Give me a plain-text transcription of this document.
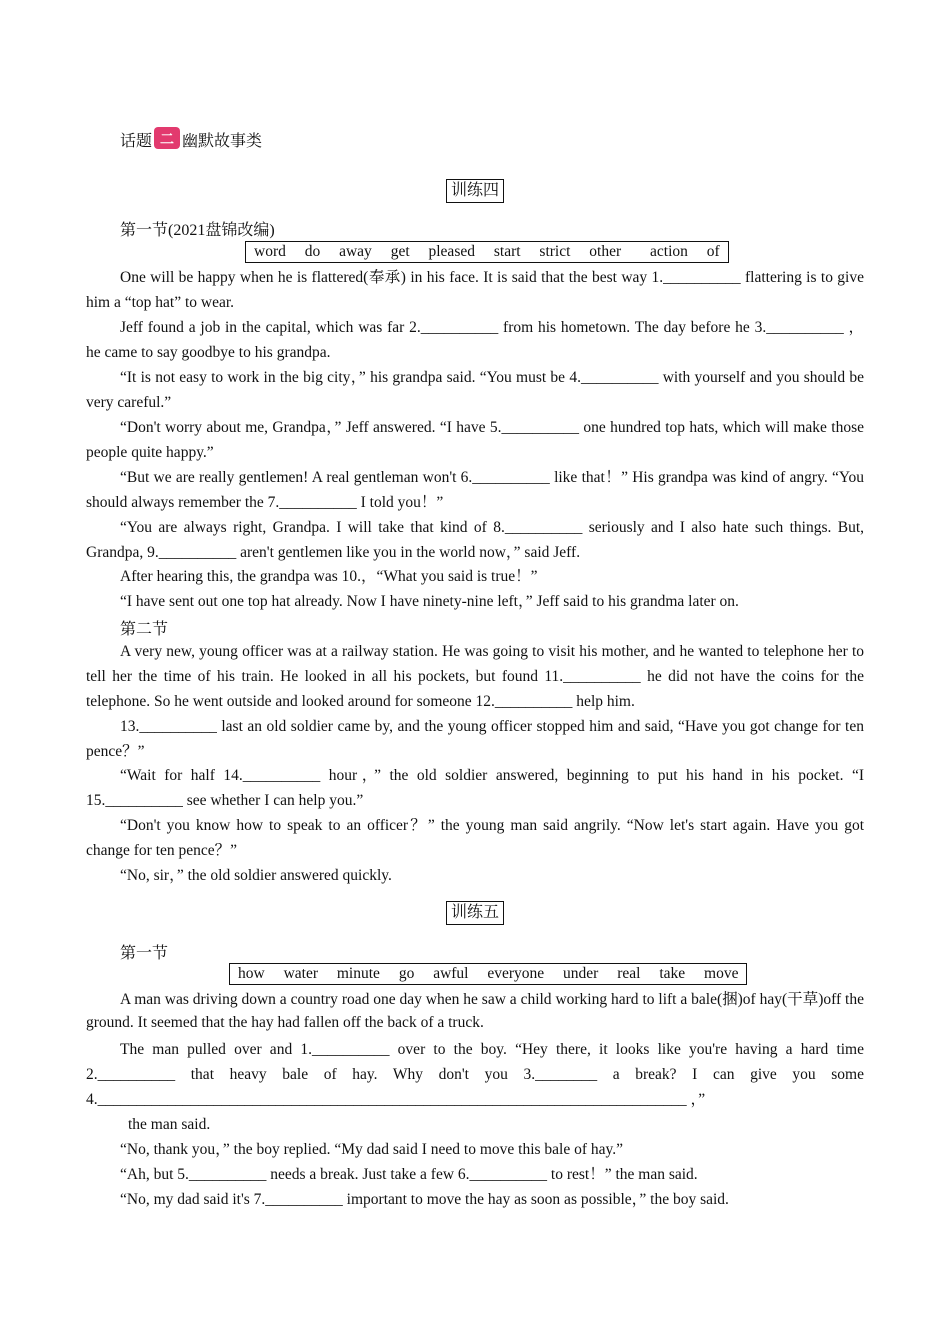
话题 二 幽默故事类
训练四
第一节(2021盘锦改编)
word do away get pleased start strict other action of
One will be happy when he is flattered(奉承) in his face. It is said that the best way 1.__________ flattering is to give him a “top hat” to wear.
Jeff found a job in the capital, which was far 2.__________ from his hometown. The day before he 3.__________ ， he came to say goodbye to his grandpa.
“It is not easy to work in the big city，” his grandpa said. “You must be 4.__________ with yourself and you should be very careful.”
“Don't worry about me, Grandpa，” Jeff answered. “I have 5.__________ one hundred top hats, which will make those people quite happy.”
“But we are really gentlemen! A real gentleman won't 6.__________ like that！” His grandpa was kind of angry. “You should always remember the 7.__________ I told you！”
“You are always right, Grandpa. I will take that kind of 8.__________ seriously and I also hate such things. But, Grandpa, 9.__________ aren't gentlemen like you in the world now，” said Jeff.
After hearing this, the grandpa was 10.，“What you said is true！”
“I have sent out one top hat already. Now I have ninety-nine left，” Jeff said to his grandma later on.
第二节
A very new, young officer was at a railway station. He was going to visit his mother, and he wanted to telephone her to tell her the time of his train. He looked in all his pockets, but found 11.__________ he did not have the coins for the telephone. So he went outside and looked around for someone 12.__________ help him.
13.__________ last an old soldier came by, and the young officer stopped him and said, “Have you got change for ten pence？”
“Wait for half 14.__________ hour，” the old soldier answered, beginning to put his hand in his pocket. “I 15.__________ see whether I can help you.”
“Don't you know how to speak to an officer？” the young man said angrily. “Now let's start again. Have you got change for ten pence？”
“No, sir，” the old soldier answered quickly.
训练五
第一节
how water minute go awful everyone under real take move
A man was driving down a country road one day when he saw a child working hard to lift a bale(捆)of hay(干草)off the ground. It seemed that the hay had fallen off the back of a truck.
The man pulled over and 1.__________ over to the boy. “Hey there, it looks like you're having a hard time 2.__________ that heavy bale of hay. Why don't you 3.________ a break? I can give you some 4.____________________________________________________________________________ ，”
the man said.
“No, thank you，” the boy replied. “My dad said I need to move this bale of hay.”
“Ah, but 5.__________ needs a break. Just take a few 6.__________ to rest！” the man said.
“No, my dad said it's 7.__________ important to move the hay as soon as possible，” the boy said.
